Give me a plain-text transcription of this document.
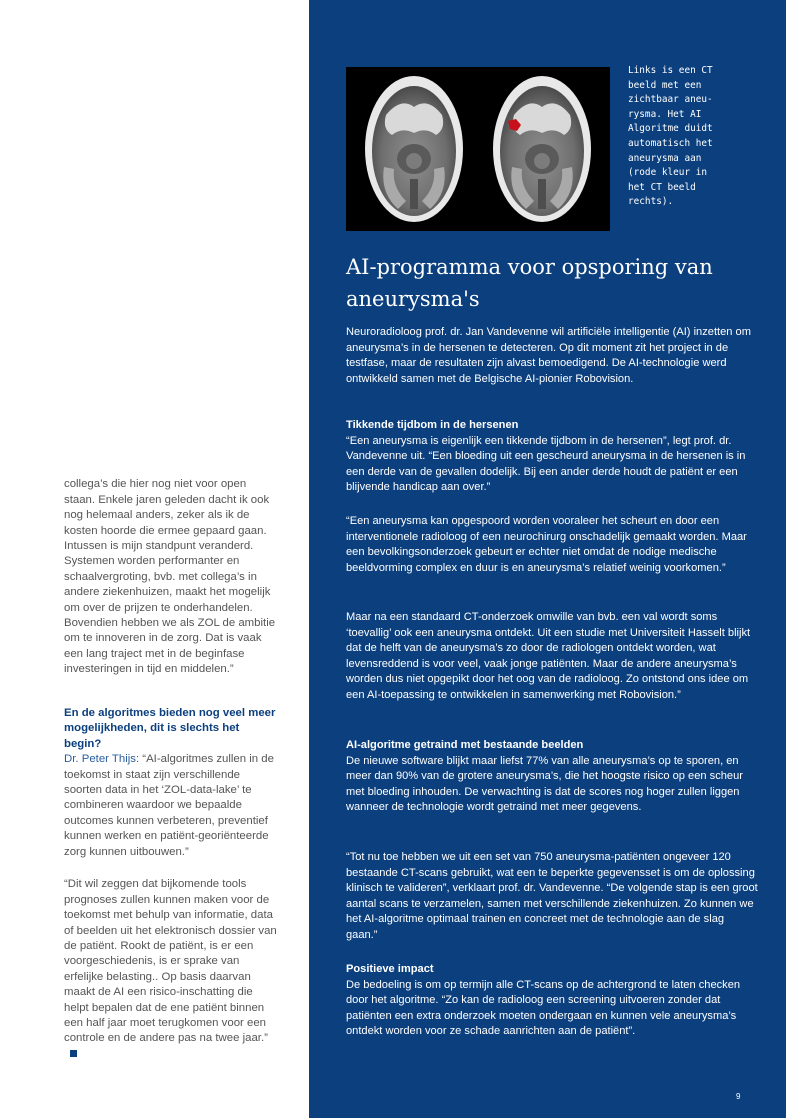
collega’s die hier nog niet voor open staan. Enkele jaren geleden dacht ik ook nog helemaal anders, zeker als ik de kosten hoorde die ermee gepaard gaan. Intussen is mijn standpunt veranderd. Systemen worden performanter en schaalvergroting, bvb. met collega’s in andere ziekenhuizen, maakt het mogelijk om over de prijzen te onderhandelen. Bovendien hebben we als ZOL de ambitie om te innoveren in de zorg. Dat is vaak een lang traject met in de beginfase investeringen in tijd en middelen.”

En de algoritmes bieden nog veel meer mogelijkheden, dit is slechts het begin?

Dr. Peter Thijs: “AI-algoritmes zullen in de toekomst in staat zijn verschillende soorten data in het ‘ZOL-data-lake’ te combineren waardoor we bepaalde outcomes kunnen verbeteren, preventief kunnen werken en patiënt-georiënteerde zorg kunnen uitbouwen.”

“Dit wil zeggen dat bijkomende tools prognoses zullen kunnen maken voor de toekomst met behulp van informatie, data of beelden uit het elektronisch dossier van de patiënt. Rookt de patiënt, is er een voorgeschiedenis, is er sprake van erfelijke belasting.. Op basis daarvan maakt de AI een risico-inschatting die helpt bepalen dat de ene patiënt binnen een half jaar moet terugkomen voor een controle en de andere pas na twee jaar.”

Links is een CT
beeld met een
zichtbaar aneu-
rysma. Het AI
Algoritme duidt
automatisch het
aneurysma aan
(rode kleur in
het CT beeld
rechts).

AI-programma voor opsporing van aneurysma's

Neuroradioloog prof. dr. Jan Vandevenne wil artificiële intelligentie (AI) inzetten om aneurysma’s in de hersenen te detecteren. Op dit moment zit het project in de testfase, maar de resultaten zijn alvast bemoedigend. De AI-technologie werd ontwikkeld samen met de Belgische AI-pionier Robovision.

Tikkende tijdbom in de hersenen

“Een aneurysma is eigenlijk een tikkende tijdbom in de hersenen”, legt prof. dr. Vandevenne uit. “Een bloeding uit een gescheurd aneurysma in de hersenen is in een derde van de gevallen dodelijk. Bij een ander derde houdt de patiënt er een blijvende handicap aan over.”

“Een aneurysma kan opgespoord worden vooraleer het scheurt en door een interventionele radioloog of een neurochirurg onschadelijk gemaakt worden. Maar een bevolkingsonderzoek gebeurt er echter niet omdat de nodige medische beeldvorming complex en duur is en aneurysma’s relatief weinig voorkomen.”

Maar na een standaard CT-onderzoek omwille van bvb. een val wordt soms ‘toevallig’ ook een aneurysma ontdekt. Uit een studie met Universiteit Hasselt blijkt dat de helft van de aneurysma’s zo door de radiologen ontdekt worden, wat levensreddend is voor veel, vaak jonge patiënten. Maar de andere aneurysma’s worden dus niet opgepikt door het oog van de radioloog. Zo ontstond ons idee om een AI-toepassing te ontwikkelen in samenwerking met Robovision.”

AI-algoritme getraind met bestaande beelden

De nieuwe software blijkt maar liefst 77% van alle aneurysma’s op te sporen, en meer dan 90% van de grotere aneurysma’s, die het hoogste risico op een scheur met bloeding inhouden. De verwachting is dat de scores nog hoger zullen liggen wanneer de technologie wordt getraind met meer gegevens.

“Tot nu toe hebben we uit een set van 750 aneurysma-patiënten ongeveer 120 bestaande CT-scans gebruikt, wat een te beperkte gegevensset is om de oplossing klinisch te valideren”, verklaart prof. dr. Vandevenne. “De volgende stap is een groot aantal scans te verzamelen, samen met verschillende ziekenhuizen. Zo kunnen we het AI-algoritme optimaal trainen en concreet met de technologie aan de slag gaan.”

Positieve impact

De bedoeling is om op termijn alle CT-scans op de achtergrond te laten checken door het algoritme. “Zo kan de radioloog een screening uitvoeren zonder dat patiënten een extra onderzoek moeten ondergaan en kunnen vele aneurysma’s ontdekt worden voor ze schade aanrichten aan de patiënt”.

9
